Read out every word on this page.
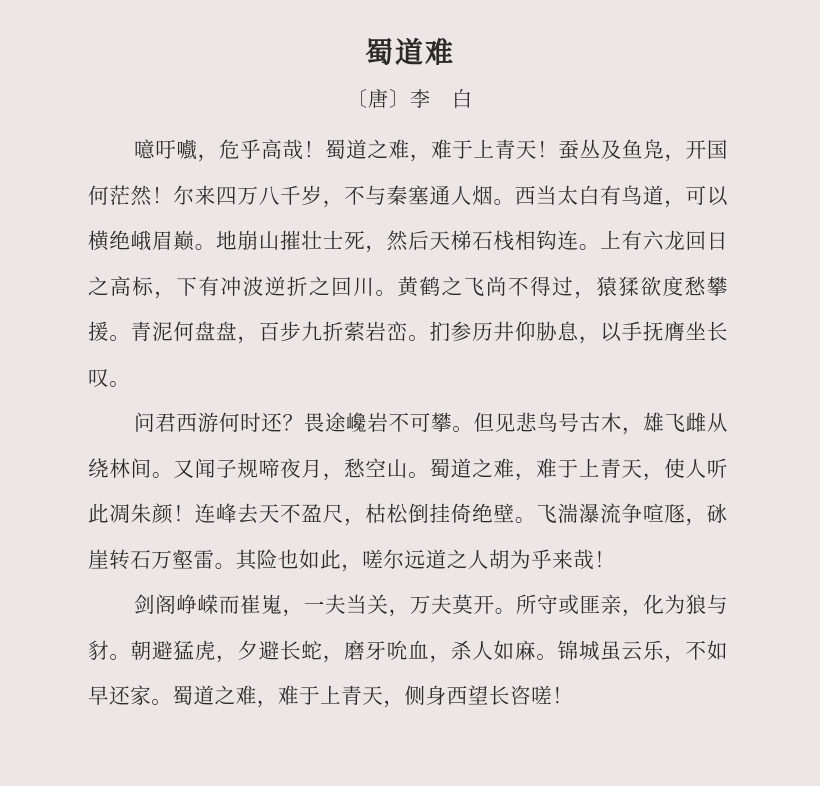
蜀道难
〔唐〕李　白

噫吁嚱，危乎高哉！蜀道之难，难于上青天！蚕丛及鱼凫，开国何茫然！尔来四万八千岁，不与秦塞通人烟。西当太白有鸟道，可以横绝峨眉巅。地崩山摧壮士死，然后天梯石栈相钩连。上有六龙回日之高标，下有冲波逆折之回川。黄鹤之飞尚不得过，猿猱欲度愁攀援。青泥何盘盘，百步九折萦岩峦。扪参历井仰胁息，以手抚膺坐长叹。

问君西游何时还？畏途巉岩不可攀。但见悲鸟号古木，雄飞雌从绕林间。又闻子规啼夜月，愁空山。蜀道之难，难于上青天，使人听此凋朱颜！连峰去天不盈尺，枯松倒挂倚绝壁。飞湍瀑流争喧豗，砯崖转石万壑雷。其险也如此，嗟尔远道之人胡为乎来哉！

剑阁峥嵘而崔嵬，一夫当关，万夫莫开。所守或匪亲，化为狼与豺。朝避猛虎，夕避长蛇，磨牙吮血，杀人如麻。锦城虽云乐，不如早还家。蜀道之难，难于上青天，侧身西望长咨嗟！
